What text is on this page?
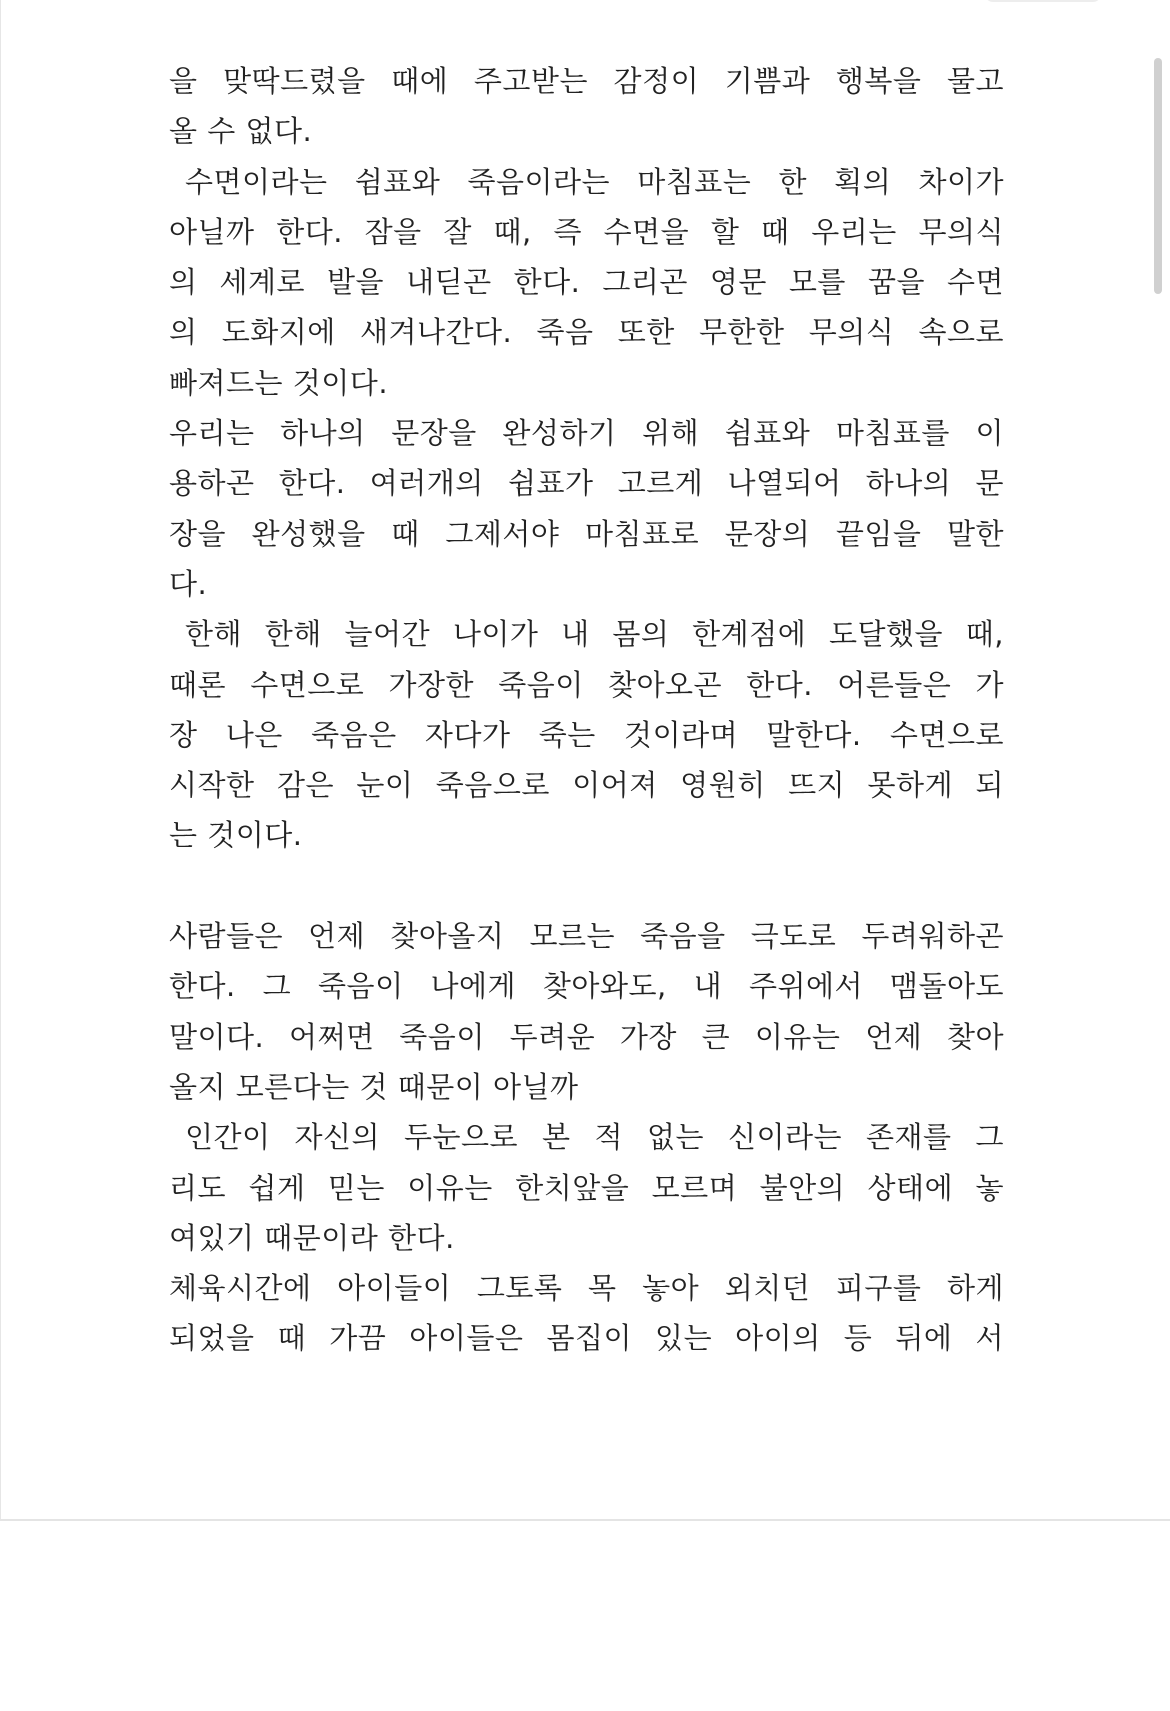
을 맞딱드렸을 때에 주고받는 감정이 기쁨과 행복을 물고
올 수 없다.
수면이라는 쉼표와 죽음이라는 마침표는 한 획의 차이가
아닐까 한다. 잠을 잘 때, 즉 수면을 할 때 우리는 무의식
의 세계로 발을 내딛곤 한다. 그리곤 영문 모를 꿈을 수면
의 도화지에 새겨나간다. 죽음 또한 무한한 무의식 속으로
빠져드는 것이다.
우리는 하나의 문장을 완성하기 위해 쉼표와 마침표를 이
용하곤 한다. 여러개의 쉼표가 고르게 나열되어 하나의 문
장을 완성했을 때 그제서야 마침표로 문장의 끝임을 말한
다.
한해 한해 늘어간 나이가 내 몸의 한계점에 도달했을 때,
때론 수면으로 가장한 죽음이 찾아오곤 한다. 어른들은 가
장 나은 죽음은 자다가 죽는 것이라며 말한다. 수면으로
시작한 감은 눈이 죽음으로 이어져 영원히 뜨지 못하게 되
는 것이다.
사람들은 언제 찾아올지 모르는 죽음을 극도로 두려워하곤
한다. 그 죽음이 나에게 찾아와도, 내 주위에서 맴돌아도
말이다. 어쩌면 죽음이 두려운 가장 큰 이유는 언제 찾아
올지 모른다는 것 때문이 아닐까
인간이 자신의 두눈으로 본 적 없는 신이라는 존재를 그
리도 쉽게 믿는 이유는 한치앞을 모르며 불안의 상태에 놓
여있기 때문이라 한다.
체육시간에 아이들이 그토록 목 놓아 외치던 피구를 하게
되었을 때 가끔 아이들은 몸집이 있는 아이의 등 뒤에 서
